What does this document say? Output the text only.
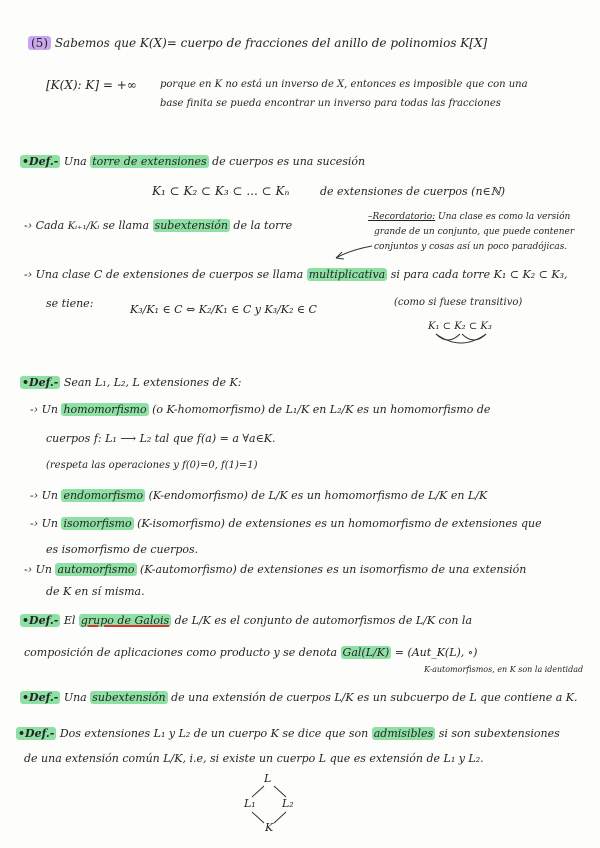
(5) Sabemos que K(X)= cuerpo de fracciones del anillo de polinomios K[X]
[K(X): K] = +∞ porque en K no está un inverso de X, entonces es imposible que con una
base finita se pueda encontrar un inverso para todas las fracciones
•Def.- Una torre de extensiones de cuerpos es una sucesión
K₁ ⊂ K₂ ⊂ K₃ ⊂ ... ⊂ Kₙ	de extensiones de cuerpos (n∈ℕ)
-› Cada Kᵢ₊₁/Kᵢ se llama subextensión de la torre
–Recordatorio: Una clase es como la versión
grande de un conjunto, que puede contener
conjuntos y cosas así un poco paradójicas.
-› Una clase C de extensiones de cuerpos se llama multiplicativa si para cada torre K₁ ⊂ K₂ ⊂ K₃,
se tiene:	K₃/K₁ ∈ C ⇔ K₂/K₁ ∈ C y K₃/K₂ ∈ C
(como si fuese transitivo)
K₁ ⊂ K₂ ⊂ K₃
•Def.- Sean L₁, L₂, L extensiones de K:
-› Un homomorfismo (o K-homomorfismo) de L₁/K en L₂/K es un homomorfismo de
cuerpos f: L₁ ⟶ L₂ tal que f(a) = a ∀a∈K.
(respeta las operaciones y f(0)=0, f(1)=1)
-› Un endomorfismo (K-endomorfismo) de L/K es un homomorfismo de L/K en L/K
-› Un isomorfismo (K-isomorfismo) de extensiones es un homomorfismo de extensiones que
es isomorfismo de cuerpos.
-› Un automorfismo (K-automorfismo) de extensiones es un isomorfismo de una extensión
de K en sí misma.
•Def.- El grupo de Galois de L/K es el conjunto de automorfismos de L/K con la
composición de aplicaciones como producto y se denota Gal(L/K) = (Aut_K(L), ∘)
K-automorfismos, en K son la identidad
•Def.- Una subextensión de una extensión de cuerpos L/K es un subcuerpo de L que contiene a K.
•Def.- Dos extensiones L₁ y L₂ de un cuerpo K se dice que son admisibles si son subextensiones
de una extensión común L/K, i.e, si existe un cuerpo L que es extensión de L₁ y L₂.
L
L₁ L₂
K
